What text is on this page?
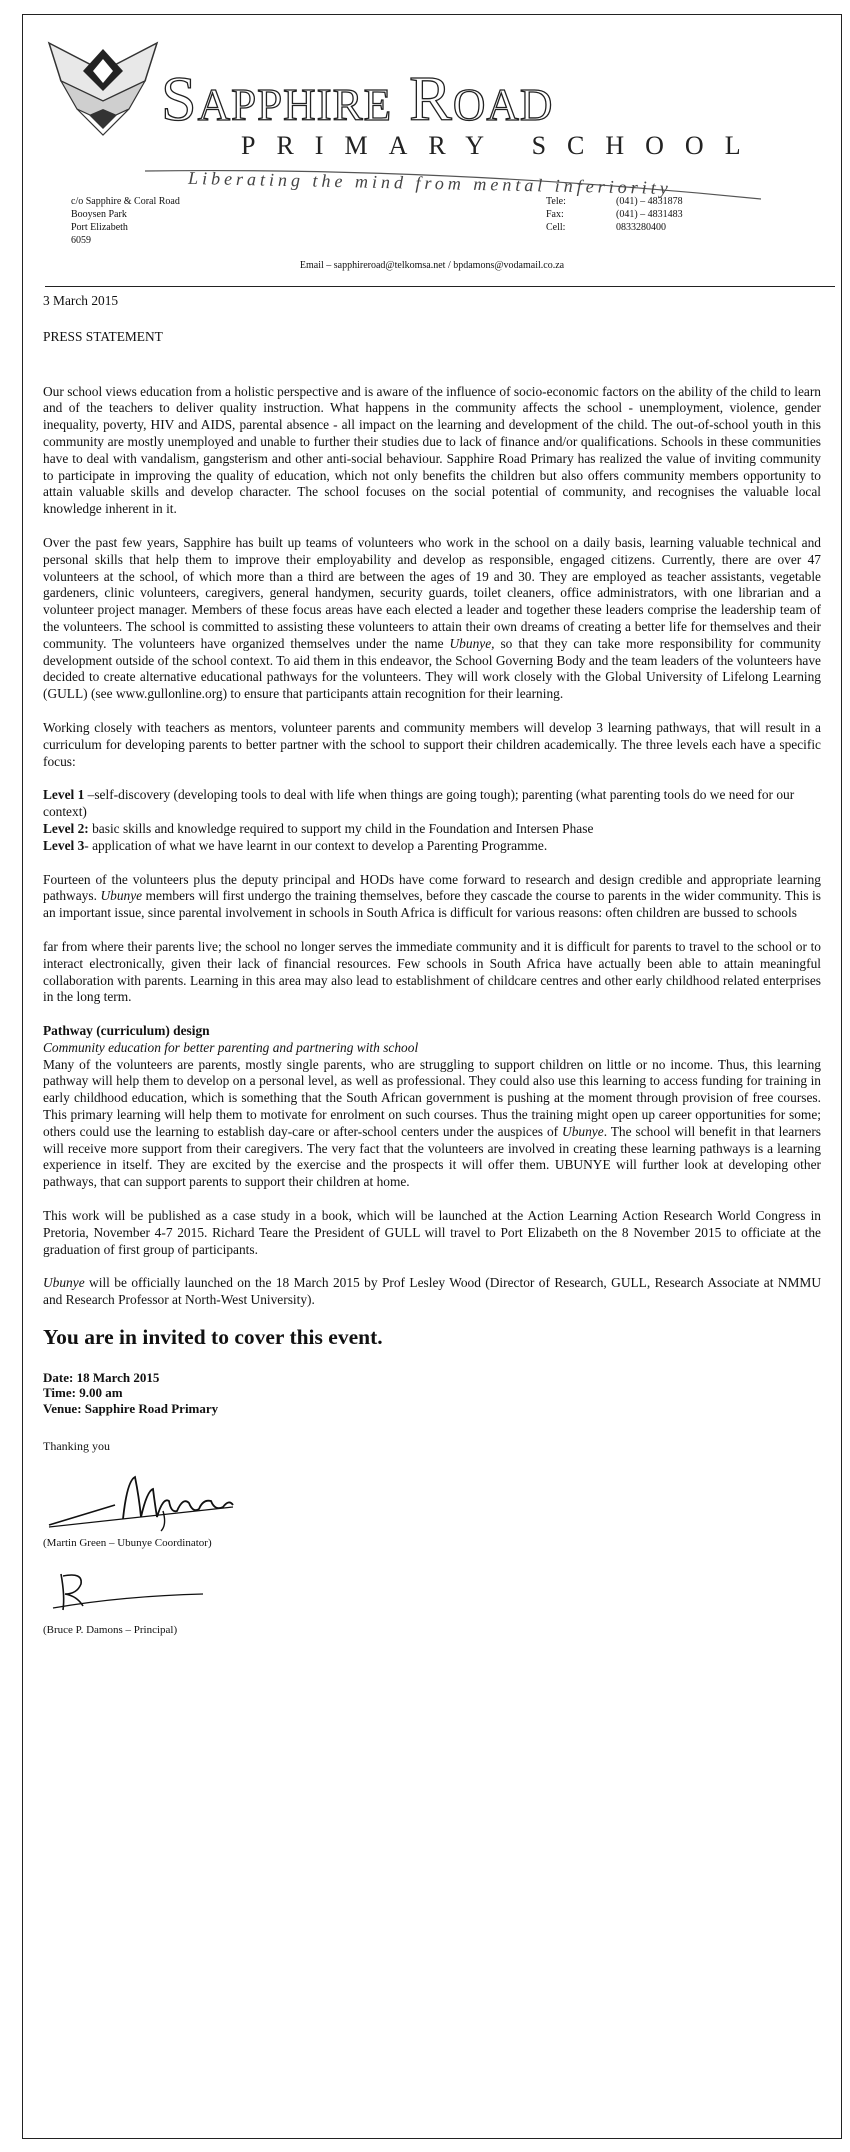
Sapphire Road
PRIMARY SCHOOL
Liberating the mind from mental inferiority
c/o Sapphire & Coral Road
Booysen Park
Port Elizabeth
6059
Tele:	(041) – 4831878
Fax:	(041) – 4831483
Cell:	0833280400
Email – sapphireroad@telkomsa.net / bpdamons@vodamail.co.za
3 March 2015
PRESS STATEMENT

Our school views education from a holistic perspective and is aware of the influence of socio-economic factors on the ability of the child to learn and of the teachers to deliver quality instruction. What happens in the community affects the school - unemployment, violence, gender inequality, poverty, HIV and AIDS, parental absence - all impact on the learning and development of the child. The out-of-school youth in this community are mostly unemployed and unable to further their studies due to lack of finance and/or qualifications. Schools in these communities have to deal with vandalism, gangsterism and other anti-social behaviour. Sapphire Road Primary has realized the value of inviting community to participate in improving the quality of education, which not only benefits the children but also offers community members opportunity to attain valuable skills and develop character. The school focuses on the social potential of community, and recognises the valuable local knowledge inherent in it.

Over the past few years, Sapphire has built up teams of volunteers who work in the school on a daily basis, learning valuable technical and personal skills that help them to improve their employability and develop as responsible, engaged citizens. Currently, there are over 47 volunteers at the school, of which more than a third are between the ages of 19 and 30. They are employed as teacher assistants, vegetable gardeners, clinic volunteers, caregivers, general handymen, security guards, toilet cleaners, office administrators, with one librarian and a volunteer project manager. Members of these focus areas have each elected a leader and together these leaders comprise the leadership team of the volunteers. The school is committed to assisting these volunteers to attain their own dreams of creating a better life for themselves and their community. The volunteers have organized themselves under the name Ubunye, so that they can take more responsibility for community development outside of the school context. To aid them in this endeavor, the School Governing Body and the team leaders of the volunteers have decided to create alternative educational pathways for the volunteers. They will work closely with the Global University of Lifelong Learning (GULL) (see www.gullonline.org) to ensure that participants attain recognition for their learning.

Working closely with teachers as mentors, volunteer parents and community members will develop 3 learning pathways, that will result in a curriculum for developing parents to better partner with the school to support their children academically. The three levels each have a specific focus:

Level 1 –self-discovery (developing tools to deal with life when things are going tough); parenting (what parenting tools do we need for our context)

Level 2: basic skills and knowledge required to support my child in the Foundation and Intersen Phase

Level 3- application of what we have learnt in our context to develop a Parenting Programme.

Fourteen of the volunteers plus the deputy principal and HODs have come forward to research and design credible and appropriate learning pathways. Ubunye members will first undergo the training themselves, before they cascade the course to parents in the wider community. This is an important issue, since parental involvement in schools in South Africa is difficult for various reasons: often children are bussed to schools

far from where their parents live; the school no longer serves the immediate community and it is difficult for parents to travel to the school or to interact electronically, given their lack of financial resources. Few schools in South Africa have actually been able to attain meaningful collaboration with parents. Learning in this area may also lead to establishment of childcare centres and other early childhood related enterprises in the long term.

Pathway (curriculum) design
Community education for better parenting and partnering with school

Many of the volunteers are parents, mostly single parents, who are struggling to support children on little or no income. Thus, this learning pathway will help them to develop on a personal level, as well as professional. They could also use this learning to access funding for training in early childhood education, which is something that the South African government is pushing at the moment through provision of free courses. This primary learning will help them to motivate for enrolment on such courses. Thus the training might open up career opportunities for some; others could use the learning to establish day-care or after-school centers under the auspices of Ubunye. The school will benefit in that learners will receive more support from their caregivers. The very fact that the volunteers are involved in creating these learning pathways is a learning experience in itself. They are excited by the exercise and the prospects it will offer them. UBUNYE will further look at developing other pathways, that can support parents to support their children at home.

This work will be published as a case study in a book, which will be launched at the Action Learning Action Research World Congress in Pretoria, November 4-7 2015. Richard Teare the President of GULL will travel to Port Elizabeth on the 8 November 2015 to officiate at the graduation of first group of participants.

Ubunye will be officially launched on the 18 March 2015 by Prof Lesley Wood (Director of Research, GULL, Research Associate at NMMU and Research Professor at North-West University).

You are in invited to cover this event.
Date: 18 March 2015
Time: 9.00 am
Venue: Sapphire Road Primary
Thanking you
(Martin Green – Ubunye Coordinator)
(Bruce P. Damons – Principal)
